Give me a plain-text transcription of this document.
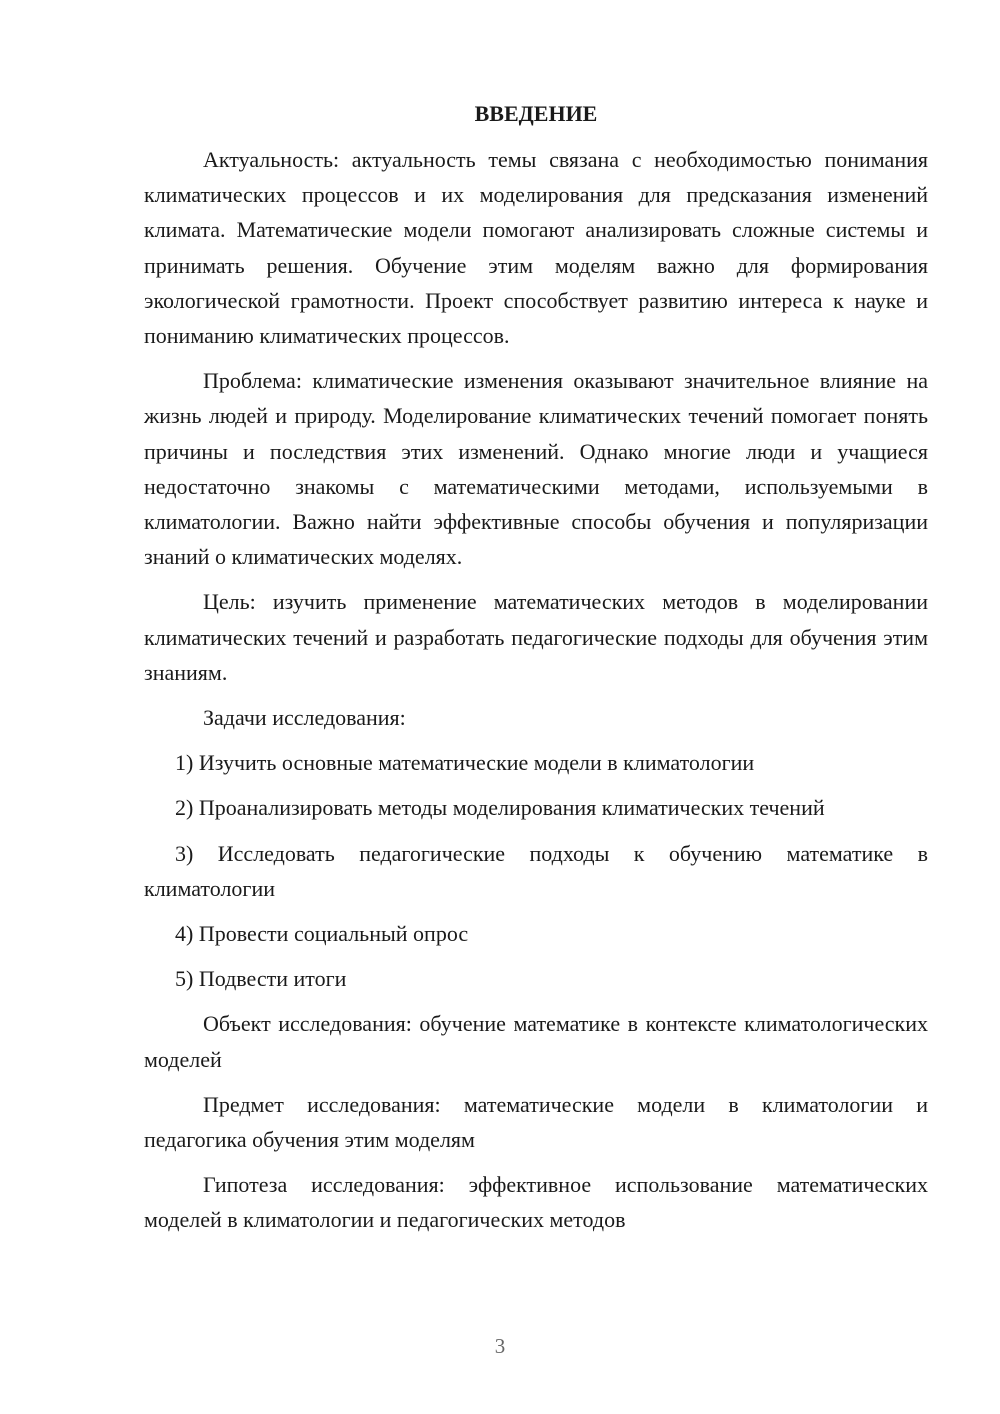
ВВЕДЕНИЕ

Актуальность: актуальность темы связана с необходимостью понимания климатических процессов и их моделирования для предсказания изменений климата. Математические модели помогают анализировать сложные системы и принимать решения. Обучение этим моделям важно для формирования экологической грамотности. Проект способствует развитию интереса к науке и пониманию климатических процессов.

Проблема: климатические изменения оказывают значительное влияние на жизнь людей и природу. Моделирование климатических течений помогает понять причины и последствия этих изменений. Однако многие люди и учащиеся недостаточно знакомы с математическими методами, используемыми в климатологии. Важно найти эффективные способы обучения и популяризации знаний о климатических моделях.

Цель: изучить применение математических методов в моделировании климатических течений и разработать педагогические подходы для обучения этим знаниям.

Задачи исследования:

1) Изучить основные математические модели в климатологии

2) Проанализировать методы моделирования климатических течений

3) Исследовать педагогические подходы к обучению математике в климатологии

4) Провести социальный опрос

5) Подвести итоги

Объект исследования: обучение математике в контексте климатологических моделей

Предмет исследования: математические модели в климатологии и педагогика обучения этим моделям

Гипотеза исследования: эффективное использование математических моделей в климатологии и педагогических методов

3
